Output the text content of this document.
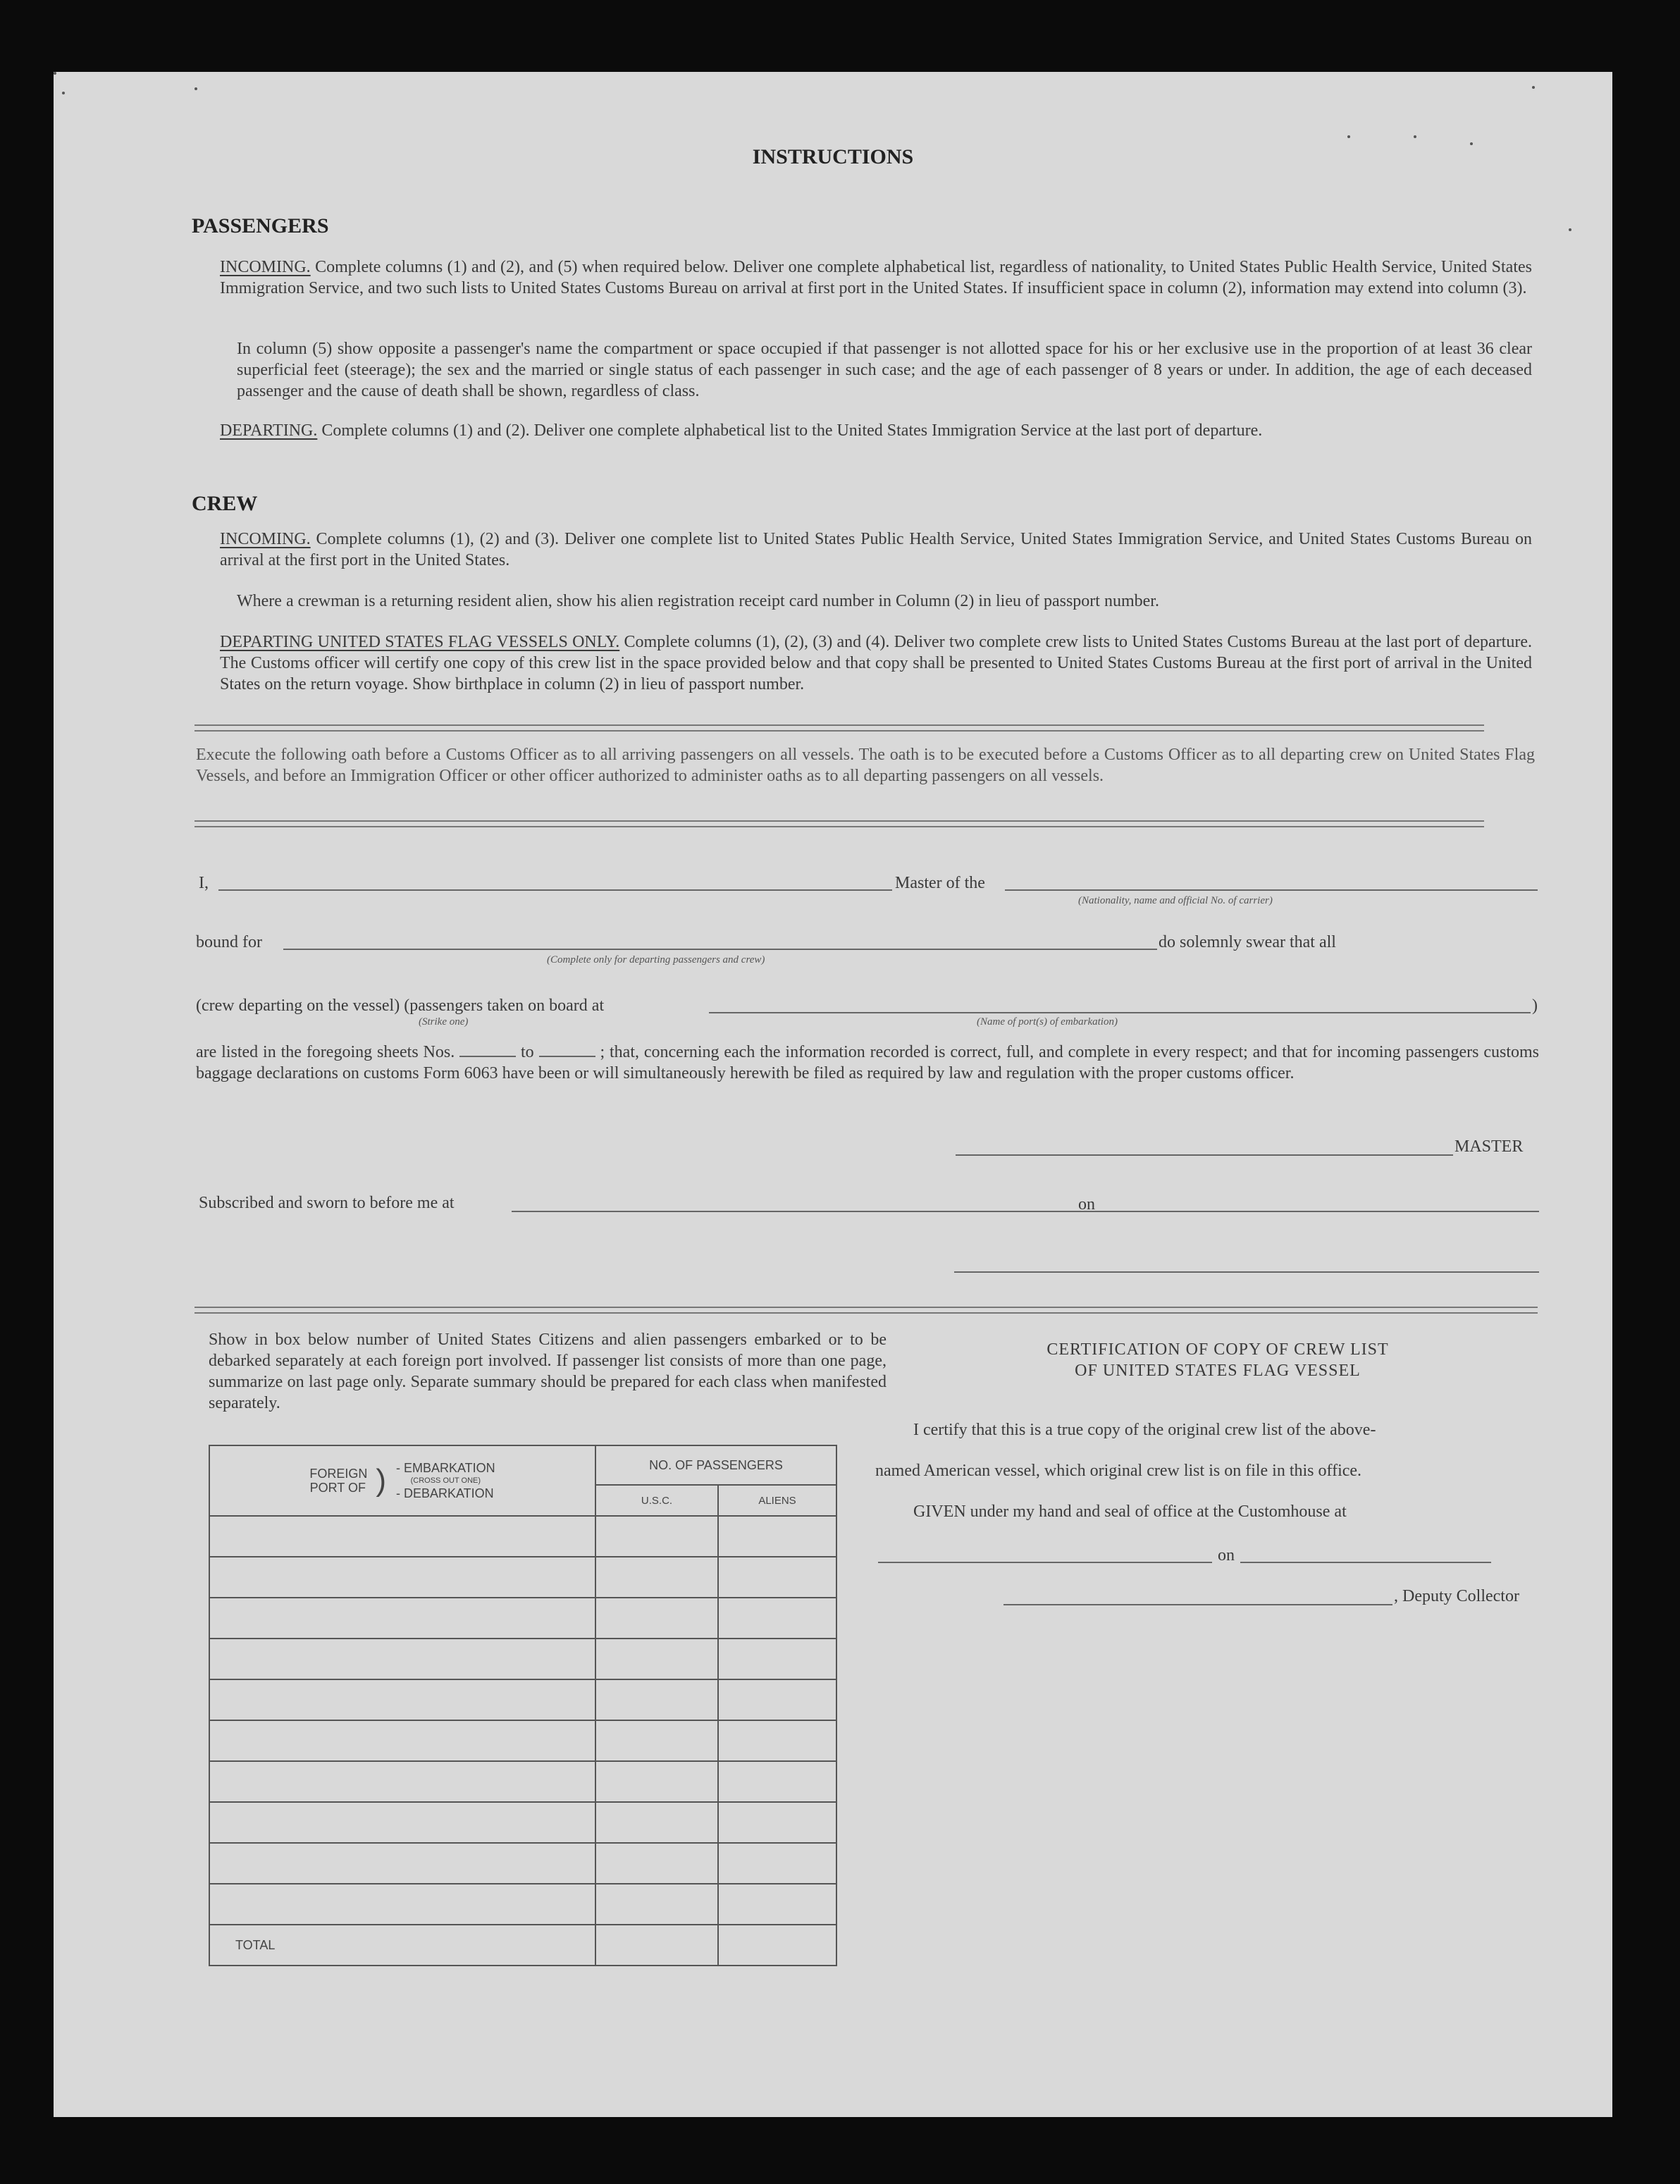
INSTRUCTIONS
PASSENGERS
INCOMING. Complete columns (1) and (2), and (5) when required below. Deliver one complete alphabetical list, regardless of nationality, to United States Public Health Service, United States Immigration Service, and two such lists to United States Customs Bureau on arrival at first port in the United States. If insufficient space in column (2), information may extend into column (3).
In column (5) show opposite a passenger's name the compartment or space occupied if that passenger is not allotted space for his or her exclusive use in the proportion of at least 36 clear superficial feet (steerage); the sex and the married or single status of each passenger in such case; and the age of each passenger of 8 years or under. In addition, the age of each deceased passenger and the cause of death shall be shown, regardless of class.
DEPARTING. Complete columns (1) and (2). Deliver one complete alphabetical list to the United States Immigration Service at the last port of departure.
CREW
INCOMING. Complete columns (1), (2) and (3). Deliver one complete list to United States Public Health Service, United States Immigration Service, and United States Customs Bureau on arrival at the first port in the United States.
Where a crewman is a returning resident alien, show his alien registration receipt card number in Column (2) in lieu of passport number.
DEPARTING UNITED STATES FLAG VESSELS ONLY. Complete columns (1), (2), (3) and (4). Deliver two complete crew lists to United States Customs Bureau at the last port of departure. The Customs officer will certify one copy of this crew list in the space provided below and that copy shall be presented to United States Customs Bureau at the first port of arrival in the United States on the return voyage. Show birthplace in column (2) in lieu of passport number.
Execute the following oath before a Customs Officer as to all arriving passengers on all vessels. The oath is to be executed before a Customs Officer as to all departing crew on United States Flag Vessels, and before an Immigration Officer or other officer authorized to administer oaths as to all departing passengers on all vessels.
I,	Master of the
(Nationality, name and official No. of carrier)
bound for	do solemnly swear that all
(Complete only for departing passengers and crew)
(crew departing on the vessel) (passengers taken on board at	)
(Strike one)	(Name of port(s) of embarkation)
are listed in the foregoing sheets Nos.	to	; that, concerning each the information recorded is correct, full, and complete in every respect; and that for incoming passengers customs baggage declarations on customs Form 6063 have been or will simultaneously herewith be filed as required by law and regulation with the proper customs officer.
MASTER
Subscribed and sworn to before me at	on
Show in box below number of United States Citizens and alien passengers embarked or to be debarked separately at each foreign port involved. If passenger list consists of more than one page, summarize on last page only. Separate summary should be prepared for each class when manifested separately.
FOREIGN PORT OF ) - EMBARKATION
(CROSS OUT ONE)
- DEBARKATION	NO. OF PASSENGERS	
	U.S.C.	ALIENS

TOTAL		
CERTIFICATION OF COPY OF CREW LIST
OF UNITED STATES FLAG VESSEL
I certify that this is a true copy of the original crew list of the above-
named American vessel, which original crew list is on file in this office.
GIVEN under my hand and seal of office at the Customhouse at
on
, Deputy Collector
